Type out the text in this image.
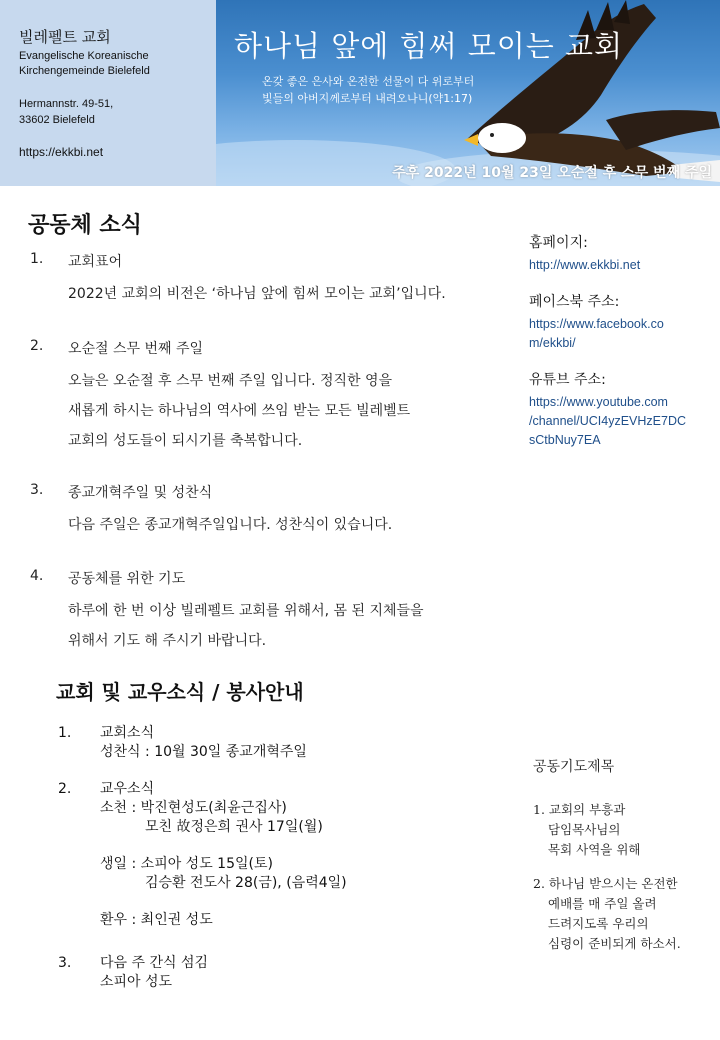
빌레펠트 교회
Evangelische Koreanische
Kirchengemeinde Bielefeld
Hermannstr. 49-51,
33602 Bielefeld
https://ekkbi.net
하나님 앞에 힘써 모이는 교회
온갖 좋은 은사와 온전한 선물이 다 위로부터
빛들의 아버지께로부터 내려오나니(약1:17)
주후 2022년 10월 23일 오순절 후 스무 번째 주일
공동체 소식
1.	교회표어
2022년 교회의 비전은 ‘하나님 앞에 힘써 모이는 교회’입니다.
2.	오순절 스무 번째 주일
오늘은 오순절 후 스무 번째 주일 입니다. 정직한 영을
새롭게 하시는 하나님의 역사에 쓰임 받는 모든 빌레벨트
교회의 성도들이 되시기를 축복합니다.
3.	종교개혁주일 및 성찬식
다음 주일은 종교개혁주일입니다. 성찬식이 있습니다.
4.	공동체를 위한 기도
하루에 한 번 이상 빌레펠트 교회를 위해서, 몸 된 지체들을
위해서 기도 해 주시기 바랍니다.
홈페이지:
http://www.ekkbi.net
페이스북 주소:
https://www.facebook.co
m/ekkbi/
유튜브 주소:
https://www.youtube.com
/channel/UCI4yzEVHzE7DC
sCtbNuy7EA
교회 및 교우소식 / 봉사안내
1. 교회소식
성찬식 : 10월 30일 종교개혁주일
2. 교우소식
소천 : 박진현성도(최윤근집사)
모친 故정은희 권사 17일(월)
생일 : 소피아 성도 15일(토)
김승환 전도사 28(금), (음력4일)
환우 : 최인권 성도
3. 다음 주 간식 섬김
소피아 성도
공동기도제목
1. 교회의 부흥과
담임목사님의
목회 사역을 위해
2. 하나님 받으시는 온전한
예배를 매 주일 올려
드려지도록 우리의
심령이 준비되게 하소서.
